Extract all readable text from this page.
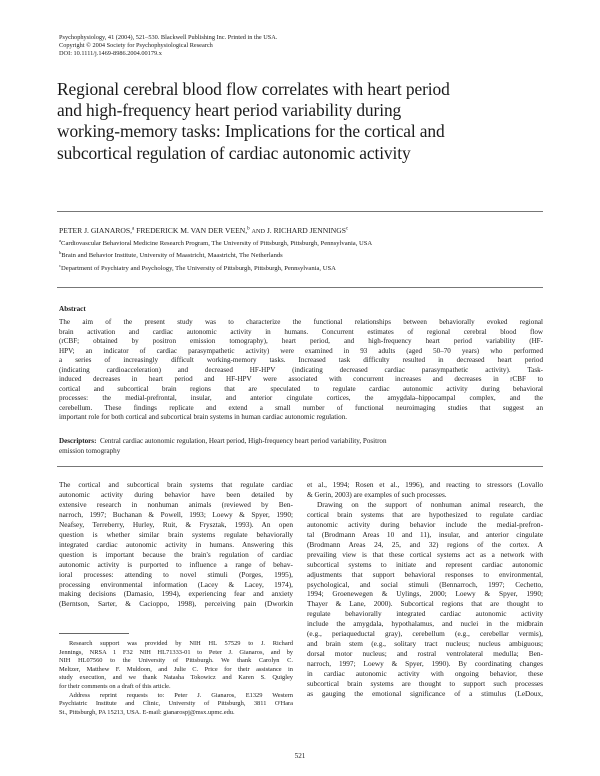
Psychophysiology, 41 (2004), 521–530. Blackwell Publishing Inc. Printed in the USA.
Copyright © 2004 Society for Psychophysiological Research
DOI: 10.1111/j.1469-8986.2004.00179.x
Regional cerebral blood flow correlates with heart period
and high-frequency heart period variability during
working-memory tasks: Implications for the cortical and
subcortical regulation of cardiac autonomic activity
PETER J. GIANAROS,$^a$ FREDERICK M. VAN DER VEEN,$^b$ AND J. RICHARD JENNINGS$^c$
$^a$Cardiovascular Behavioral Medicine Research Program, The University of Pittsburgh, Pittsburgh, Pennsylvania, USA
$^b$Brain and Behavior Institute, University of Maastricht, Maastricht, The Netherlands
$^c$Department of Psychiatry and Psychology, The University of Pittsburgh, Pittsburgh, Pennsylvania, USA
Abstract
The aim of the present study was to characterize the functional relationships between behaviorally evoked regional
brain activation and cardiac autonomic activity in humans. Concurrent estimates of regional cerebral blood flow
(rCBF; obtained by positron emission tomography), heart period, and high-frequency heart period variability (HF-
HPV; an indicator of cardiac parasympathetic activity) were examined in 93 adults (aged 50–70 years) who performed
a series of increasingly difficult working-memory tasks. Increased task difficulty resulted in decreased heart period
(indicating cardioacceleration) and decreased HF-HPV (indicating decreased cardiac parasympathetic activity). Task-
induced decreases in heart period and HF-HPV were associated with concurrent increases and decreases in rCBF to
cortical and subcortical brain regions that are speculated to regulate cardiac autonomic activity during behavioral
processes: the medial-prefrontal, insular, and anterior cingulate cortices, the amygdala–hippocampal complex, and the
cerebellum. These findings replicate and extend a small number of functional neuroimaging studies that suggest an
important role for both cortical and subcortical brain systems in human cardiac autonomic regulation.
Descriptors: Central cardiac autonomic regulation, Heart period, High-frequency heart period variability, Positron
emission tomography
The cortical and subcortical brain systems that regulate cardiac
autonomic activity during behavior have been detailed by
extensive research in nonhuman animals (reviewed by Ben-
narroch, 1997; Buchanan & Powell, 1993; Loewy & Spyer, 1990;
Neafsey, Terreberry, Hurley, Ruit, & Frysztak, 1993). An open
question is whether similar brain systems regulate behaviorally
integrated cardiac autonomic activity in humans. Answering this
question is important because the brain's regulation of cardiac
autonomic activity is purported to influence a range of behav-
ioral processes: attending to novel stimuli (Porges, 1995),
processing environmental information (Lacey & Lacey, 1974),
making decisions (Damasio, 1994), experiencing fear and anxiety
(Berntson, Sarter, & Cacioppo, 1998), perceiving pain (Dworkin
Research support was provided by NIH HL 57529 to J. Richard
Jennings, NRSA 1 F32 NIH HL71333-01 to Peter J. Gianaros, and by
NIH HL07560 to the University of Pittsburgh. We thank Carolyn C.
Meltzer, Matthew F. Muldoon, and Julie C. Price for their assistance in
study execution, and we thank Natasha Tokowicz and Karen S. Quigley
for their comments on a draft of this article.
Address reprint requests to: Peter J. Gianaros, E1329 Western
Psychiatric Institute and Clinic, University of Pittsburgh, 3811 O'Hara
St., Pittsburgh, PA 15213, USA. E-mail: gianarospj@msx.upmc.edu.
et al., 1994; Rosen et al., 1996), and reacting to stressors (Lovallo
& Gerin, 2003) are examples of such processes.
Drawing on the support of nonhuman animal research, the
cortical brain systems that are hypothesized to regulate cardiac
autonomic activity during behavior include the medial-prefron-
tal (Brodmann Areas 10 and 11), insular, and anterior cingulate
(Brodmann Areas 24, 25, and 32) regions of the cortex. A
prevailing view is that these cortical systems act as a network with
subcortical systems to initiate and represent cardiac autonomic
adjustments that support behavioral responses to environmental,
psychological, and social stimuli (Bennarroch, 1997; Cechetto,
1994; Groenewegen & Uylings, 2000; Loewy & Spyer, 1990;
Thayer & Lane, 2000). Subcortical regions that are thought to
regulate behaviorally integrated cardiac autonomic activity
include the amygdala, hypothalamus, and nuclei in the midbrain
(e.g., periaqueductal gray), cerebellum (e.g., cerebellar vermis),
and brain stem (e.g., solitary tract nucleus; nucleus ambiguous;
dorsal motor nucleus; and rostral ventrolateral medulla; Ben-
narroch, 1997; Loewy & Spyer, 1990). By coordinating changes
in cardiac autonomic activity with ongoing behavior, these
subcortical brain systems are thought to support such processes
as gauging the emotional significance of a stimulus (LeDoux,
521
